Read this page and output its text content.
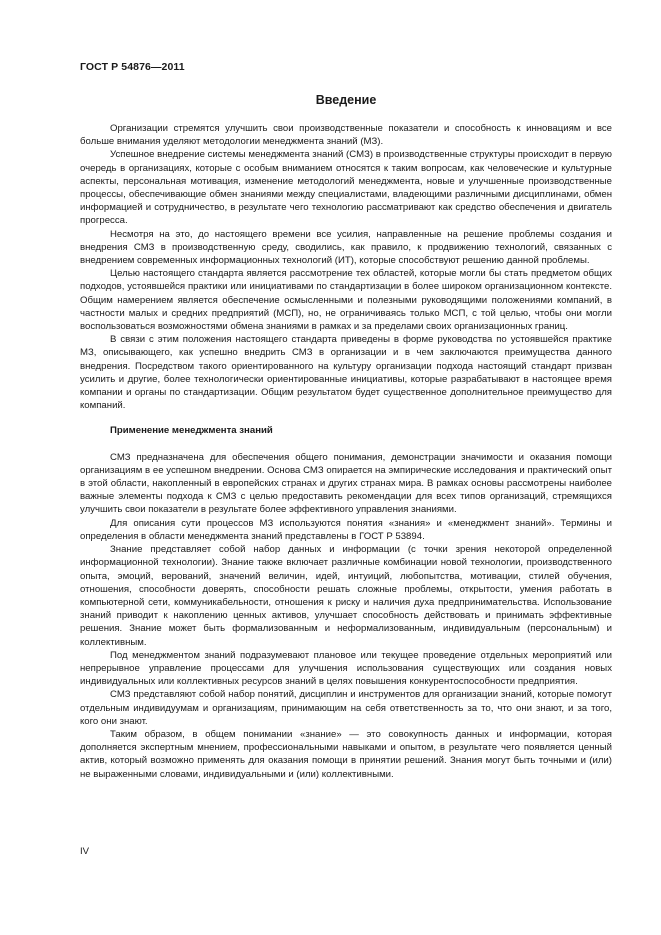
ГОСТ Р 54876—2011
Введение

Организации стремятся улучшить свои производственные показатели и способность к инновациям и все больше внимания уделяют методологии менеджмента знаний (МЗ).

Успешное внедрение системы менеджмента знаний (СМЗ) в производственные структуры происходит в первую очередь в организациях, которые с особым вниманием относятся к таким вопросам, как человеческие и культурные аспекты, персональная мотивация, изменение методологий менеджмента, новые и улучшенные производственные процессы, обеспечивающие обмен знаниями между специалистами, владеющими различными дисциплинами, обмен информацией и сотрудничество, в результате чего технологию рассматривают как средство обеспечения и двигатель прогресса.

Несмотря на это, до настоящего времени все усилия, направленные на решение проблемы создания и внедрения СМЗ в производственную среду, сводились, как правило, к продвижению технологий, связанных с внедрением современных информационных технологий (ИТ), которые способствуют решению данной проблемы.

Целью настоящего стандарта является рассмотрение тех областей, которые могли бы стать предметом общих подходов, устоявшейся практики или инициативами по стандартизации в более широком организационном контексте. Общим намерением является обеспечение осмысленными и полезными руководящими положениями компаний, в частности малых и средних предприятий (МСП), но, не ограничиваясь только МСП, с той целью, чтобы они могли воспользоваться возможностями обмена знаниями в рамках и за пределами своих организационных границ.

В связи с этим положения настоящего стандарта приведены в форме руководства по устоявшейся практике МЗ, описывающего, как успешно внедрить СМЗ в организации и в чем заключаются преимущества данного внедрения. Посредством такого ориентированного на культуру организации подхода настоящий стандарт призван усилить и другие, более технологически ориентированные инициативы, которые разрабатывают в настоящее время компании и органы по стандартизации. Общим результатом будет существенное дополнительное преимущество для компаний.

Применение менеджмента знаний

СМЗ предназначена для обеспечения общего понимания, демонстрации значимости и оказания помощи организациям в ее успешном внедрении. Основа СМЗ опирается на эмпирические исследования и практический опыт в этой области, накопленный в европейских странах и других странах мира. В рамках основы рассмотрены наиболее важные элементы подхода к СМЗ с целью предоставить рекомендации для всех типов организаций, стремящихся улучшить свои показатели в результате более эффективного управления знаниями.

Для описания сути процессов МЗ используются понятия «знания» и «менеджмент знаний». Термины и определения в области менеджмента знаний представлены в ГОСТ Р 53894.

Знание представляет собой набор данных и информации (с точки зрения некоторой определенной информационной технологии). Знание также включает различные комбинации новой технологии, производственного опыта, эмоций, верований, значений величин, идей, интуиций, любопытства, мотивации, стилей обучения, отношения, способности доверять, способности решать сложные проблемы, открытости, умения работать в компьютерной сети, коммуникабельности, отношения к риску и наличия духа предпринимательства. Использование знаний приводит к накоплению ценных активов, улучшает способность действовать и принимать эффективные решения. Знание может быть формализованным и неформализованным, индивидуальным (персональным) и коллективным.

Под менеджментом знаний подразумевают плановое или текущее проведение отдельных мероприятий или непрерывное управление процессами для улучшения использования существующих или создания новых индивидуальных или коллективных ресурсов знаний в целях повышения конкурентоспособности предприятия.

СМЗ представляют собой набор понятий, дисциплин и инструментов для организации знаний, которые помогут отдельным индивидуумам и организациям, принимающим на себя ответственность за то, что они знают, и за того, кого они знают.

Таким образом, в общем понимании «знание» — это совокупность данных и информации, которая дополняется экспертным мнением, профессиональными навыками и опытом, в результате чего появляется ценный актив, который возможно применять для оказания помощи в принятии решений. Знания могут быть точными и (или) не выраженными словами, индивидуальными и (или) коллективными.

IV
